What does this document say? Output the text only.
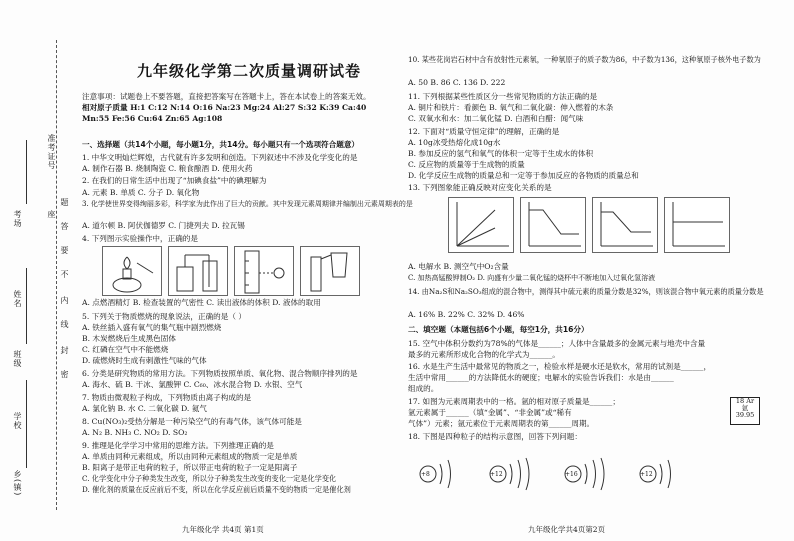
乡(镇)
学校
班级
姓名
考场	座
准考证号
密
封
线
内
不
要
答
题
九年级化学第二次质量调研试卷
注意事项：试题卷上不要答题，直接把答案写在答题卡上，答在本试卷上的答案无效。
相对原子质量 H:1 C:12 N:14 O:16 Na:23 Mg:24 Al:27 S:32 K:39 Ca:40
Mn:55 Fe:56 Cu:64 Zn:65 Ag:108
一、选择题（共14个小题，每小题1分，共14分。每小题只有一个选项符合题意）
1. 中华文明灿烂辉煌，古代就有许多发明和创造。下列叙述中不涉及化学变化的是
A. 制作石器 B. 烧制陶瓷 C. 粮食酿酒 D. 使用火药
2. 在我们的日常生活中出现了“加碘食盐”中的碘理解为
A. 元素 B. 单质 C. 分子 D. 氧化物
3. 化学使世界变得绚丽多彩，科学家为此作出了巨大的贡献。其中发现元素周期律并编制出元素周期表的是
A. 道尔顿 B. 阿伏伽德罗 C. 门捷列夫 D. 拉瓦锡
4. 下列图示实验操作中，正确的是
A. 点燃酒精灯 B. 检查装置的气密性 C. 读出液体的体积 D. 液体的取用
5. 下列关于物质燃烧的现象说法，正确的是（ ）
A. 铁丝插入盛有氧气的集气瓶中剧烈燃烧
B. 木炭燃烧后生成黑色固体
C. 红磷在空气中不能燃烧
D. 硫燃烧时生成有刺激性气味的气体
6. 分类是研究物质的常用方法。下列物质按照单质、氧化物、混合物顺序排列的是
A. 海水、硫 B. 干冰、氯酸钾 C. C₆₀、冰水混合物 D. 水银、空气
7. 物质由微观粒子构成，下列物质由离子构成的是
A. 氯化钠 B. 水 C. 二氧化碳 D. 氦气
8. Cu(NO₃)₂受热分解是一种污染空气的有毒气体，该气体可能是
A. N₂ B. NH₃ C. NO₂ D. SO₂
9. 推理是化学学习中常用的思维方法。下列推理正确的是
A. 单质由同种元素组成，所以由同种元素组成的物质一定是单质
B. 阳离子是带正电荷的粒子，所以带正电荷的粒子一定是阳离子
C. 化学变化中分子种类发生改变，所以分子种类发生改变的变化一定是化学变化
D. 催化剂的质量在反应前后不变，所以在化学反应前后质量不变的物质一定是催化剂
九年级化学 共4页 第1页
10. 某些花岗岩石材中含有放射性元素氡，一种氡原子的质子数为86，中子数为136，这种氡原子核外电子数为
A. 50 B. 86 C. 136 D. 222
11. 下列根据某些性质区分一些常见物质的方法正确的是
A. 铜片和铁片：看颜色 B. 氧气和二氧化碳：伸入燃着的木条
C. 双氧水和水：加二氧化锰 D. 白酒和白醋：闻气味
12. 下面对“质量守恒定律”的理解，正确的是
A. 10g冰受热熔化成10g水
B. 参加反应的氢气和氧气的体积一定等于生成水的体积
C. 反应物的质量等于生成物的质量
D. 化学反应生成物的质量总和一定等于参加反应的各物质的质量总和
13. 下列图象能正确反映对应变化关系的是
A. 电解水 B. 测空气中O₂含量
C. 加热高锰酸钾制O₂ D. 向盛有少量二氧化锰的烧杯中不断地加入过氧化氢溶液
14. 由Na₂S和Na₂SO₃组成的混合物中，测得其中硫元素的质量分数是32%，则该混合物中氧元素的质量分数是
A. 16% B. 22% C. 32% D. 46%
二、填空题（本题包括6个小题，每空1分，共16分）
15. 空气中体积分数约为78%的气体是______；人体中含量最多的金属元素与地壳中含量
最多的元素所形成化合物的化学式为______。
16. 水是生产生活中最常见的物质之一，检验水样是硬水还是软水，常用的试剂是______，
生活中常用______的方法降低水的硬度；电解水的实验告诉我们：水是由______
组成的。
17. 如图为元素周期表中的一格。氩的相对原子质量是______；
氩元素属于______（填“金属”、“非金属”或“稀有
气体”）元素；氩元素位于元素周期表的第______周期。
18. 下图是四种粒子的结构示意图，回答下列问题：
18 Ar
氩
39.95
+8	+12	+16	+12
九年级化学共4页第2页
